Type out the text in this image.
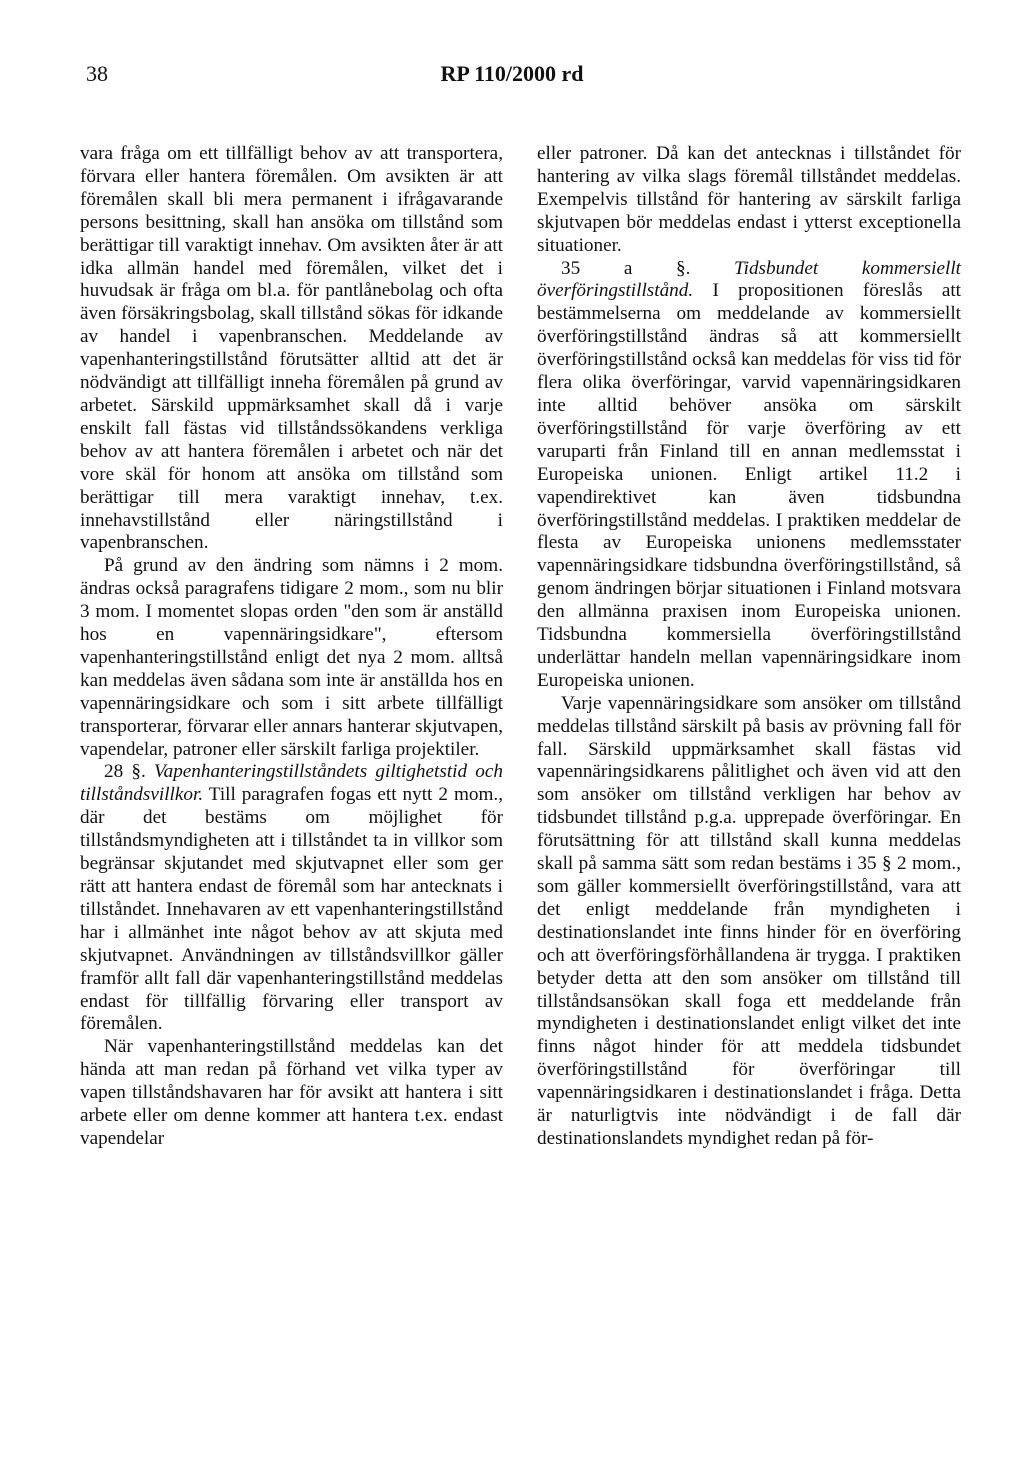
38	RP 110/2000 rd

vara fråga om ett tillfälligt behov av att transportera, förvara eller hantera föremålen. Om avsikten är att föremålen skall bli mera permanent i ifrågavarande persons besittning, skall han ansöka om tillstånd som berättigar till varaktigt innehav. Om avsikten åter är att idka allmän handel med föremålen, vilket det i huvudsak är fråga om bl.a. för pantlånebolag och ofta även försäkringsbolag, skall tillstånd sökas för idkande av handel i vapenbranschen. Meddelande av vapenhanteringstillstånd förutsätter alltid att det är nödvändigt att tillfälligt inneha föremålen på grund av arbetet. Särskild uppmärksamhet skall då i varje enskilt fall fästas vid tillståndssökandens verkliga behov av att hantera föremålen i arbetet och när det vore skäl för honom att ansöka om tillstånd som berättigar till mera varaktigt innehav, t.ex. innehavstillstånd eller näringstillstånd i vapenbranschen.

På grund av den ändring som nämns i 2 mom. ändras också paragrafens tidigare 2 mom., som nu blir 3 mom. I momentet slopas orden "den som är anställd hos en vapennäringsidkare", eftersom vapenhanteringstillstånd enligt det nya 2 mom. alltså kan meddelas även sådana som inte är anställda hos en vapennäringsidkare och som i sitt arbete tillfälligt transporterar, förvarar eller annars hanterar skjutvapen, vapendelar, patroner eller särskilt farliga projektiler.

28 §. Vapenhanteringstillståndets giltighetstid och tillståndsvillkor. Till paragrafen fogas ett nytt 2 mom., där det bestäms om möjlighet för tillståndsmyndigheten att i tillståndet ta in villkor som begränsar skjutandet med skjutvapnet eller som ger rätt att hantera endast de föremål som har antecknats i tillståndet. Innehavaren av ett vapenhanteringstillstånd har i allmänhet inte något behov av att skjuta med skjutvapnet. Användningen av tillståndsvillkor gäller framför allt fall där vapenhanteringstillstånd meddelas endast för tillfällig förvaring eller transport av föremålen.

När vapenhanteringstillstånd meddelas kan det hända att man redan på förhand vet vilka typer av vapen tillståndshavaren har för avsikt att hantera i sitt arbete eller om denne kommer att hantera t.ex. endast vapendelar

eller patroner. Då kan det antecknas i tillståndet för hantering av vilka slags föremål tillståndet meddelas. Exempelvis tillstånd för hantering av särskilt farliga skjutvapen bör meddelas endast i ytterst exceptionella situationer.

35 a §. Tidsbundet kommersiellt överföringstillstånd. I propositionen föreslås att bestämmelserna om meddelande av kommersiellt överföringstillstånd ändras så att kommersiellt överföringstillstånd också kan meddelas för viss tid för flera olika överföringar, varvid vapennäringsidkaren inte alltid behöver ansöka om särskilt överföringstillstånd för varje överföring av ett varuparti från Finland till en annan medlemsstat i Europeiska unionen. Enligt artikel 11.2 i vapendirektivet kan även tidsbundna överföringstillstånd meddelas. I praktiken meddelar de flesta av Europeiska unionens medlemsstater vapennäringsidkare tidsbundna överföringstillstånd, så genom ändringen börjar situationen i Finland motsvara den allmänna praxisen inom Europeiska unionen. Tidsbundna kommersiella överföringstillstånd underlättar handeln mellan vapennäringsidkare inom Europeiska unionen.

Varje vapennäringsidkare som ansöker om tillstånd meddelas tillstånd särskilt på basis av prövning fall för fall. Särskild uppmärksamhet skall fästas vid vapennäringsidkarens pålitlighet och även vid att den som ansöker om tillstånd verkligen har behov av tidsbundet tillstånd p.g.a. upprepade överföringar. En förutsättning för att tillstånd skall kunna meddelas skall på samma sätt som redan bestäms i 35 § 2 mom., som gäller kommersiellt överföringstillstånd, vara att det enligt meddelande från myndigheten i destinationslandet inte finns hinder för en överföring och att överföringsförhållandena är trygga. I praktiken betyder detta att den som ansöker om tillstånd till tillståndsansökan skall foga ett meddelande från myndigheten i destinationslandet enligt vilket det inte finns något hinder för att meddela tidsbundet överföringstillstånd för överföringar till vapennäringsidkaren i destinationslandet i fråga. Detta är naturligtvis inte nödvändigt i de fall där destinationslandets myndighet redan på för-
